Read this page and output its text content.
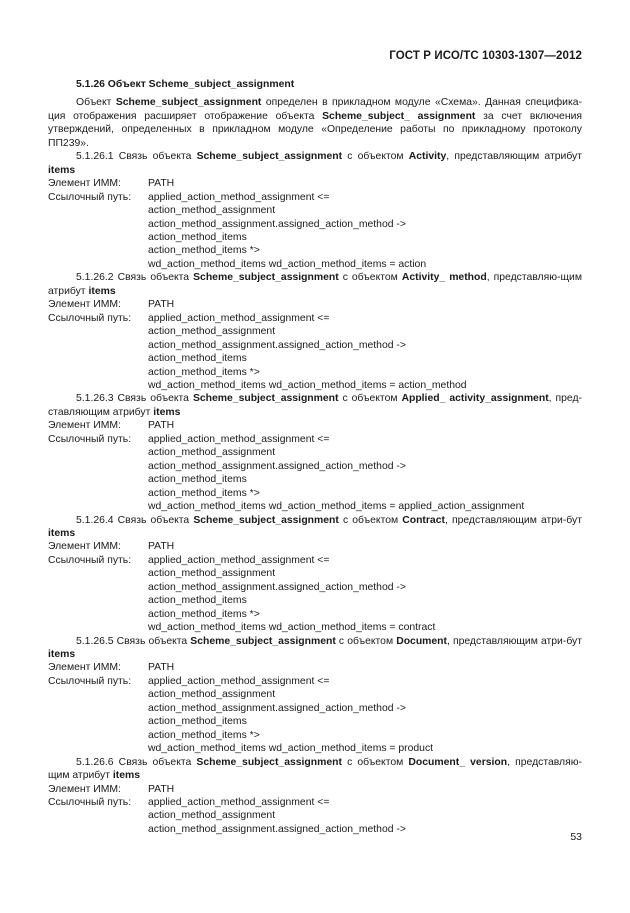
ГОСТ Р ИСО/ТС 10303-1307—2012
5.1.26 Объект Scheme_subject_assignment
Объект Scheme_subject_assignment определен в прикладном модуле «Схема». Данная специфика-ция отображения расширяет отображение объекта Scheme_subject_ assignment за счет включения утверждений, определенных в прикладном модуле «Определение работы по прикладному протоколу ПП239».
5.1.26.1 Связь объекта Scheme_subject_assignment с объектом Activity, представляющим атрибут items
Элемент ИММ:	PATH
Ссылочный путь:	applied_action_method_assignment <=
action_method_assignment
action_method_assignment.assigned_action_method ->
action_method_items
action_method_items *>
wd_action_method_items wd_action_method_items = action
5.1.26.2 Связь объекта Scheme_subject_assignment с объектом Activity_ method, представляю-щим атрибут items
Элемент ИММ:	PATH
Ссылочный путь:	applied_action_method_assignment <=
action_method_assignment
action_method_assignment.assigned_action_method ->
action_method_items
action_method_items *>
wd_action_method_items wd_action_method_items = action_method
5.1.26.3 Связь объекта Scheme_subject_assignment с объектом Applied_ activity_assignment, пред-ставляющим атрибут items
Элемент ИММ:	PATH
Ссылочный путь:	applied_action_method_assignment <=
action_method_assignment
action_method_assignment.assigned_action_method ->
action_method_items
action_method_items *>
wd_action_method_items wd_action_method_items = applied_action_assignment
5.1.26.4 Связь объекта Scheme_subject_assignment с объектом Contract, представляющим атри-бут items
Элемент ИММ:	PATH
Ссылочный путь:	applied_action_method_assignment <=
action_method_assignment
action_method_assignment.assigned_action_method ->
action_method_items
action_method_items *>
wd_action_method_items wd_action_method_items = contract
5.1.26.5 Связь объекта Scheme_subject_assignment с объектом Document, представляющим атри-бут items
Элемент ИММ:	PATH
Ссылочный путь:	applied_action_method_assignment <=
action_method_assignment
action_method_assignment.assigned_action_method ->
action_method_items
action_method_items *>
wd_action_method_items wd_action_method_items = product
5.1.26.6 Связь объекта Scheme_subject_assignment с объектом Document_ version, представляю-щим атрибут items
Элемент ИММ:	PATH
Ссылочный путь:	applied_action_method_assignment <=
action_method_assignment
action_method_assignment.assigned_action_method ->
53
